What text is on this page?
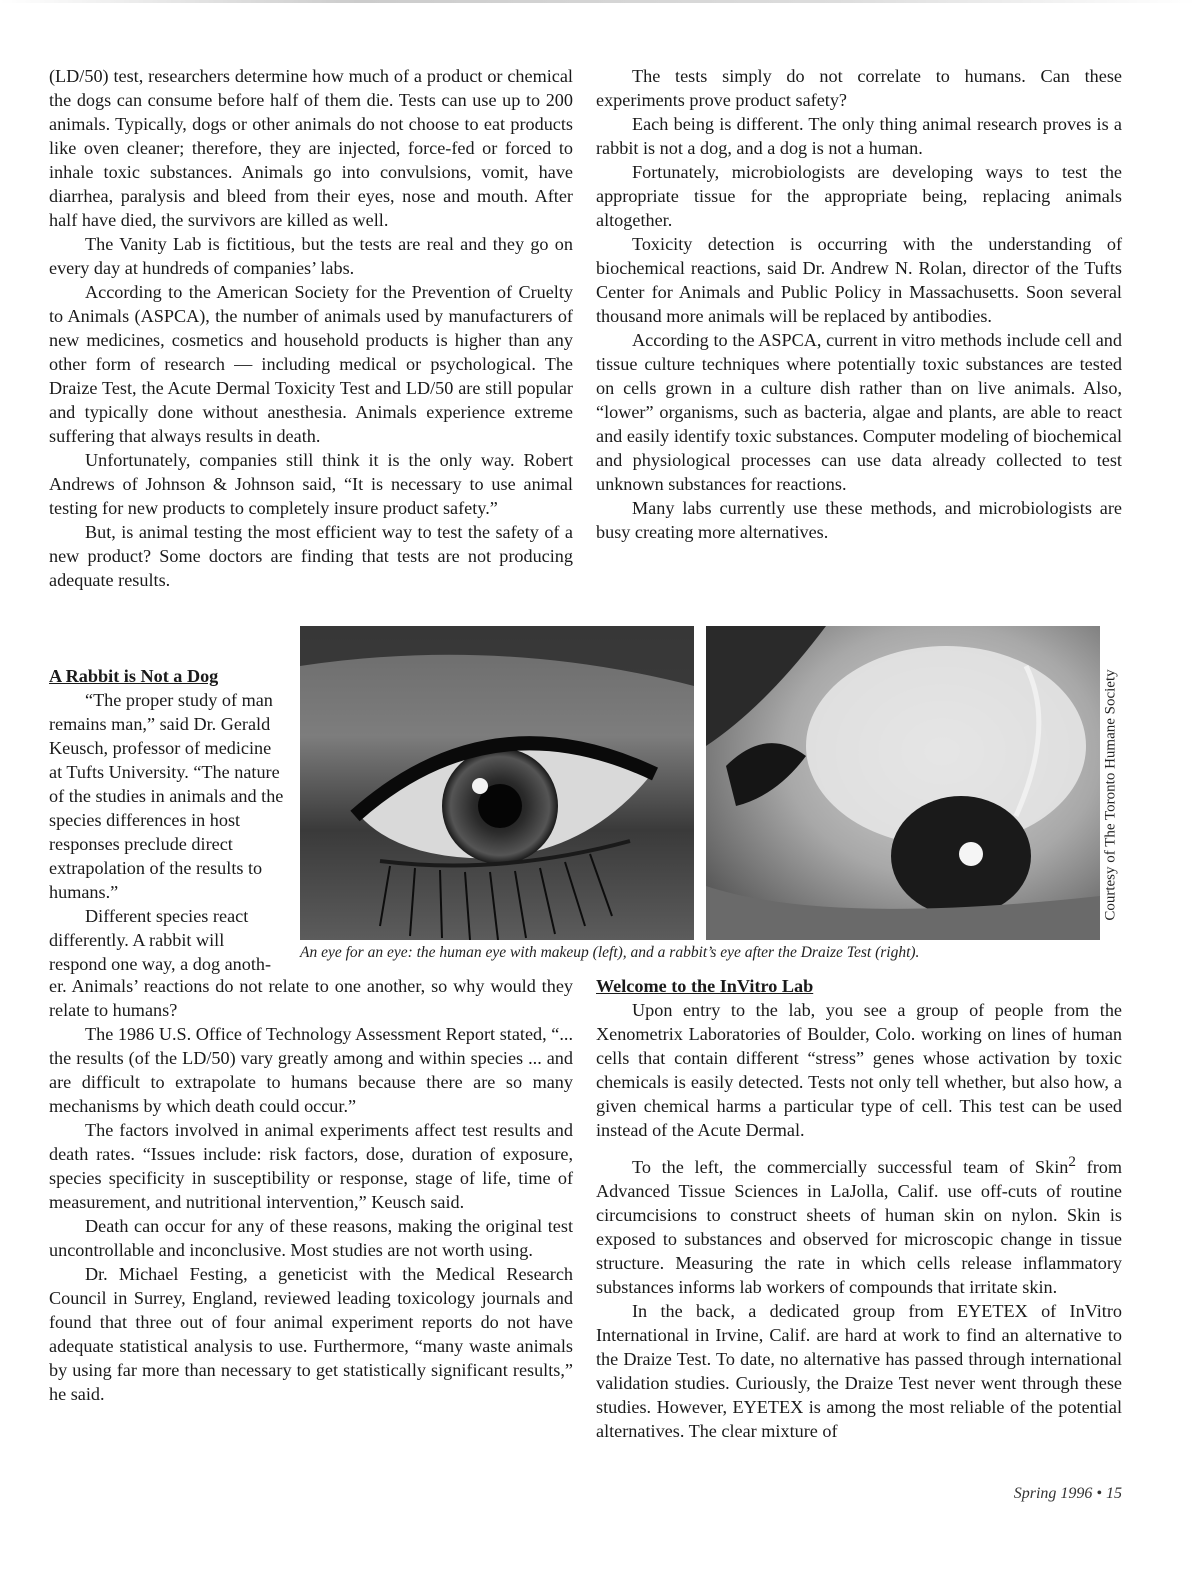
(LD/50) test, researchers determine how much of a product or chemical the dogs can consume before half of them die. Tests can use up to 200 animals. Typically, dogs or other animals do not choose to eat products like oven cleaner; therefore, they are injected, force-fed or forced to inhale toxic substances. Animals go into convulsions, vomit, have diarrhea, paralysis and bleed from their eyes, nose and mouth. After half have died, the survivors are killed as well.

The Vanity Lab is fictitious, but the tests are real and they go on every day at hundreds of companies’ labs.

According to the American Society for the Prevention of Cruelty to Animals (ASPCA), the number of animals used by manufacturers of new medicines, cosmetics and household products is higher than any other form of research — including medical or psychological. The Draize Test, the Acute Dermal Toxicity Test and LD/50 are still popular and typically done without anesthesia. Animals experience extreme suffering that always results in death.

Unfortunately, companies still think it is the only way. Robert Andrews of Johnson & Johnson said, “It is necessary to use animal testing for new products to completely insure product safety.”

But, is animal testing the most efficient way to test the safety of a new product? Some doctors are finding that tests are not producing adequate results.

The tests simply do not correlate to humans. Can these experiments prove product safety?

Each being is different. The only thing animal research proves is a rabbit is not a dog, and a dog is not a human.

Fortunately, microbiologists are developing ways to test the appropriate tissue for the appropriate being, replacing animals altogether.

Toxicity detection is occurring with the understanding of biochemical reactions, said Dr. Andrew N. Rolan, director of the Tufts Center for Animals and Public Policy in Massachusetts. Soon several thousand more animals will be replaced by antibodies.

According to the ASPCA, current in vitro methods include cell and tissue culture techniques where potentially toxic substances are tested on cells grown in a culture dish rather than on live animals. Also, “lower” organisms, such as bacteria, algae and plants, are able to react and easily identify toxic substances. Computer modeling of biochemical and physiological processes can use data already collected to test unknown substances for reactions.

Many labs currently use these methods, and microbiologists are busy creating more alternatives.

A Rabbit is Not a Dog

“The proper study of man remains man,” said Dr. Gerald Keusch, professor of medicine at Tufts University. “The nature of the studies in animals and the species differences in host responses preclude direct extrapolation of the results to humans.”

Different species react differently. A rabbit will respond one way, a dog anoth-

Courtesy of The Toronto Humane Society
An eye for an eye: the human eye with makeup (left), and a rabbit’s eye after the Draize Test (right).

er. Animals’ reactions do not relate to one another, so why would they relate to humans?

The 1986 U.S. Office of Technology Assessment Report stated, “... the results (of the LD/50) vary greatly among and within species ... and are difficult to extrapolate to humans because there are so many mechanisms by which death could occur.”

The factors involved in animal experiments affect test results and death rates. “Issues include: risk factors, dose, duration of exposure, species specificity in susceptibility or response, stage of life, time of measurement, and nutritional intervention,” Keusch said.

Death can occur for any of these reasons, making the original test uncontrollable and inconclusive. Most studies are not worth using.

Dr. Michael Festing, a geneticist with the Medical Research Council in Surrey, England, reviewed leading toxicology journals and found that three out of four animal experiment reports do not have adequate statistical analysis to use. Furthermore, “many waste animals by using far more than necessary to get statistically significant results,” he said.

Welcome to the InVitro Lab

Upon entry to the lab, you see a group of people from the Xenometrix Laboratories of Boulder, Colo. working on lines of human cells that contain different “stress” genes whose activation by toxic chemicals is easily detected. Tests not only tell whether, but also how, a given chemical harms a particular type of cell. This test can be used instead of the Acute Dermal.

To the left, the commercially successful team of Skin$^2$ from Advanced Tissue Sciences in LaJolla, Calif. use off-cuts of routine circumcisions to construct sheets of human skin on nylon. Skin is exposed to substances and observed for microscopic change in tissue structure. Measuring the rate in which cells release inflammatory substances informs lab workers of compounds that irritate skin.

In the back, a dedicated group from EYETEX of InVitro International in Irvine, Calif. are hard at work to find an alternative to the Draize Test. To date, no alternative has passed through international validation studies. Curiously, the Draize Test never went through these studies. However, EYETEX is among the most reliable of the potential alternatives. The clear mixture of

Spring 1996 • 15
